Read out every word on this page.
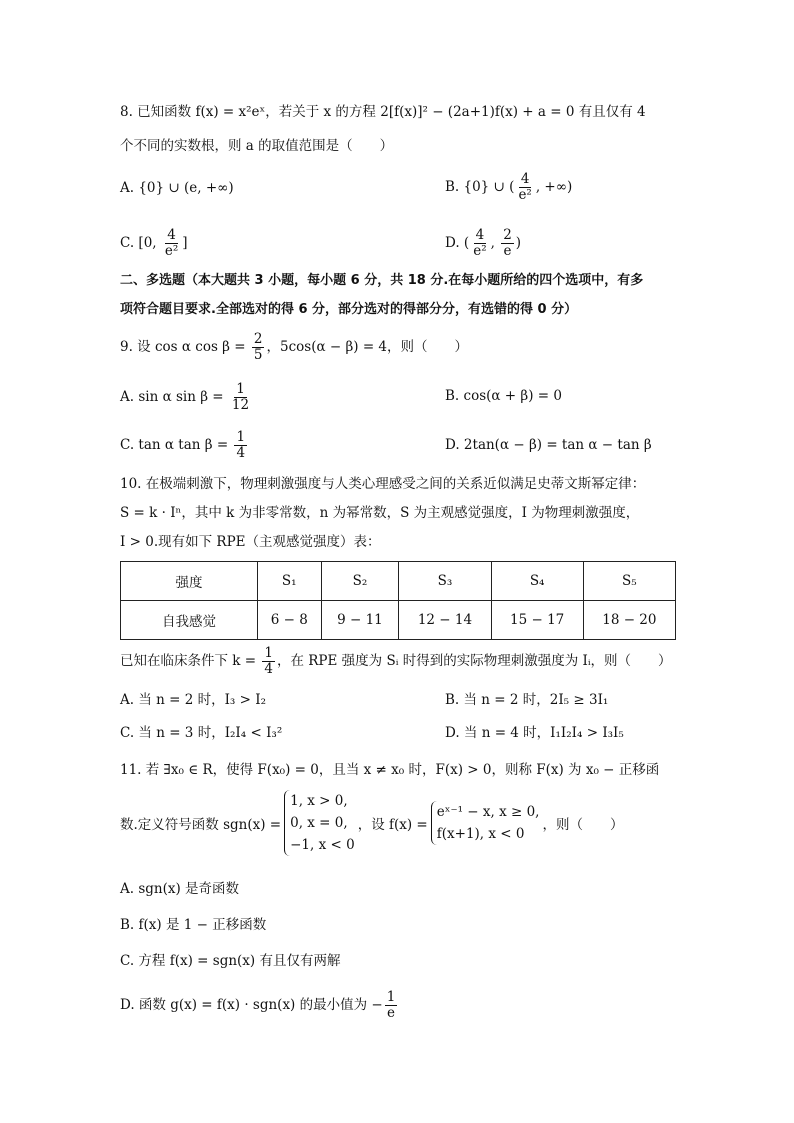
8. 已知函数 f(x) = x²eˣ，若关于 x 的方程 2[f(x)]² − (2a+1)f(x) + a = 0 有且仅有 4
个不同的实数根，则 a 的取值范围是（　　）
A. {0} ∪ (e, +∞)	B. {0} ∪ ( $\frac{4}{\text{e²}}$ , +∞)
C. [0, $\frac{4}{\text{e²}}$ ]	D. ( $\frac{4}{\text{e²}}$ , $\frac{2}{e}$ )
二、多选题（本大题共 3 小题，每小题 6 分，共 18 分.在每小题所给的四个选项中，有多
项符合题目要求.全部选对的得 6 分，部分选对的得部分分，有选错的得 0 分）
9. 设 cos α $\cos \beta = \frac{2}{5}$ ，5cos(α − β) = 4，则（　　）
A. sin α $\sin \beta = \frac{1}{12}$	B. cos(α + β) = 0
C. tan α $\tan \beta = \frac{1}{4}$	D. 2tan(α − β) = tan α − tan β
10. 在极端刺激下，物理刺激强度与人类心理感受之间的关系近似满足史蒂文斯幂定律：
S = k · Iⁿ，其中 k 为非零常数，n 为幂常数，S 为主观感觉强度，I 为物理刺激强度，
I > 0.现有如下 RPE（主观感觉强度）表：
强度	S₁	S₂	S₃	S₄	S₅
自我感觉	6 − 8	9 − 11	12 − 14	15 − 17	18 − 20
已知在临床条件下 $k = \frac{1}{4}$ ，在 RPE 强度为 Sᵢ 时得到的实际物理刺激强度为 Iᵢ，则（　　）
A. 当 n = 2 时，I₃ > I₂	B. 当 n = 2 时，2I₅ ≥ 3I₁
C. 当 n = 3 时，I₂I₄ < I₃²	D. 当 n = 4 时，I₁I₂I₄ > I₃I₅
11. 若 ∃x₀ ∈ R，使得 F(x₀) = 0，且当 x ≠ x₀ 时，F(x) > 0，则称 F(x) 为 x₀ − 正移函
数.定义符号函数 sgn(x) =
1, x > 0,
0, x = 0,
−1, x < 0
，设 f(x) =
eˣ⁻¹ − x, x ≥ 0,
f(x+1), x < 0
，则（　　）
A. sgn(x) 是奇函数
B. f(x) 是 1 − 正移函数
C. 方程 f(x) = sgn(x) 有且仅有两解
D. 函数 g(x) = f(x) · sgn(x) 的最小值为 − $\frac{1}{e}$
